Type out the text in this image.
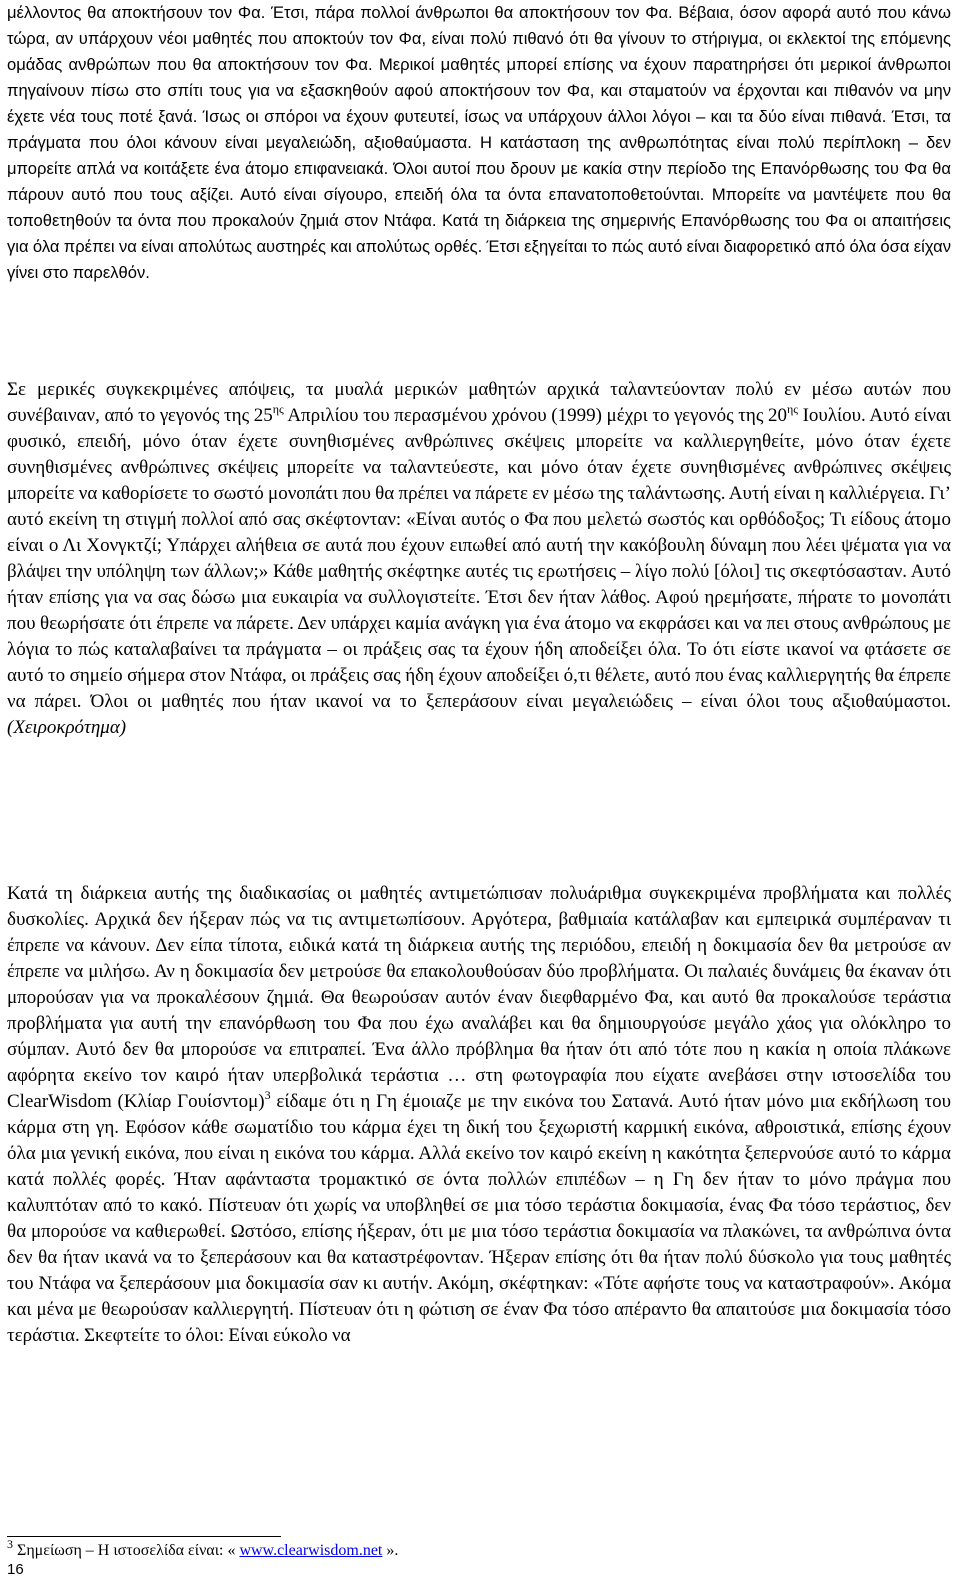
μέλλοντος θα αποκτήσουν τον Φα. Έτσι, πάρα πολλοί άνθρωποι θα αποκτήσουν τον Φα. Βέβαια, όσον αφορά αυτό που κάνω τώρα, αν υπάρχουν νέοι μαθητές που αποκτούν τον Φα, είναι πολύ πιθανό ότι θα γίνουν το στήριγμα, οι εκλεκτοί της επόμενης ομάδας ανθρώπων που θα αποκτήσουν τον Φα. Μερικοί μαθητές μπορεί επίσης να έχουν παρατηρήσει ότι μερικοί άνθρωποι πηγαίνουν πίσω στο σπίτι τους για να εξασκηθούν αφού αποκτήσουν τον Φα, και σταματούν να έρχονται και πιθανόν να μην έχετε νέα τους ποτέ ξανά. Ίσως οι σπόροι να έχουν φυτευτεί, ίσως να υπάρχουν άλλοι λόγοι – και τα δύο είναι πιθανά. Έτσι, τα πράγματα που όλοι κάνουν είναι μεγαλειώδη, αξιοθαύμαστα. Η κατάσταση της ανθρωπότητας είναι πολύ περίπλοκη – δεν μπορείτε απλά να κοιτάξετε ένα άτομο επιφανειακά. Όλοι αυτοί που δρουν με κακία στην περίοδο της Επανόρθωσης του Φα θα πάρουν αυτό που τους αξίζει. Αυτό είναι σίγουρο, επειδή όλα τα όντα επανατοποθετούνται. Μπορείτε να μαντέψετε που θα τοποθετηθούν τα όντα που προκαλούν ζημιά στον Ντάφα. Κατά τη διάρκεια της σημερινής Επανόρθωσης του Φα οι απαιτήσεις για όλα πρέπει να είναι απολύτως αυστηρές και απολύτως ορθές. Έτσι εξηγείται το πώς αυτό είναι διαφορετικό από όλα όσα είχαν γίνει στο παρελθόν.

Σε μερικές συγκεκριμένες απόψεις, τα μυαλά μερικών μαθητών αρχικά ταλαντεύονταν πολύ εν μέσω αυτών που συνέβαιναν, από το γεγονός της $25^{\eta\varsigma}$ Απριλίου του περασμένου χρόνου (1999) μέχρι το γεγονός της $20^{\eta\varsigma}$ Ιουλίου. Αυτό είναι φυσικό, επειδή, μόνο όταν έχετε συνηθισμένες ανθρώπινες σκέψεις μπορείτε να καλλιεργηθείτε, μόνο όταν έχετε συνηθισμένες ανθρώπινες σκέψεις μπορείτε να ταλαντεύεστε, και μόνο όταν έχετε συνηθισμένες ανθρώπινες σκέψεις μπορείτε να καθορίσετε το σωστό μονοπάτι που θα πρέπει να πάρετε εν μέσω της ταλάντωσης. Αυτή είναι η καλλιέργεια. Γι’ αυτό εκείνη τη στιγμή πολλοί από σας σκέφτονταν: «Είναι αυτός ο Φα που μελετώ σωστός και ορθόδοξος; Τι είδους άτομο είναι ο Λι Χονγκτζί; Υπάρχει αλήθεια σε αυτά που έχουν ειπωθεί από αυτή την κακόβουλη δύναμη που λέει ψέματα για να βλάψει την υπόληψη των άλλων;» Κάθε μαθητής σκέφτηκε αυτές τις ερωτήσεις – λίγο πολύ [όλοι] τις σκεφτόσασταν. Αυτό ήταν επίσης για να σας δώσω μια ευκαιρία να συλλογιστείτε. Έτσι δεν ήταν λάθος. Αφού ηρεμήσατε, πήρατε το μονοπάτι που θεωρήσατε ότι έπρεπε να πάρετε. Δεν υπάρχει καμία ανάγκη για ένα άτομο να εκφράσει και να πει στους ανθρώπους με λόγια το πώς καταλαβαίνει τα πράγματα – οι πράξεις σας τα έχουν ήδη αποδείξει όλα. Το ότι είστε ικανοί να φτάσετε σε αυτό το σημείο σήμερα στον Ντάφα, οι πράξεις σας ήδη έχουν αποδείξει ό,τι θέλετε, αυτό που ένας καλλιεργητής θα έπρεπε να πάρει. Όλοι οι μαθητές που ήταν ικανοί να το ξεπεράσουν είναι μεγαλειώδεις – είναι όλοι τους αξιοθαύμαστοι. (Χειροκρότημα)

Κατά τη διάρκεια αυτής της διαδικασίας οι μαθητές αντιμετώπισαν πολυάριθμα συγκεκριμένα προβλήματα και πολλές δυσκολίες. Αρχικά δεν ήξεραν πώς να τις αντιμετωπίσουν. Αργότερα, βαθμιαία κατάλαβαν και εμπειρικά συμπέραναν τι έπρεπε να κάνουν. Δεν είπα τίποτα, ειδικά κατά τη διάρκεια αυτής της περιόδου, επειδή η δοκιμασία δεν θα μετρούσε αν έπρεπε να μιλήσω. Αν η δοκιμασία δεν μετρούσε θα επακολουθούσαν δύο προβλήματα. Οι παλαιές δυνάμεις θα έκαναν ότι μπορούσαν για να προκαλέσουν ζημιά. Θα θεωρούσαν αυτόν έναν διεφθαρμένο Φα, και αυτό θα προκαλούσε τεράστια προβλήματα για αυτή την επανόρθωση του Φα που έχω αναλάβει και θα δημιουργούσε μεγάλο χάος για ολόκληρο το σύμπαν. Αυτό δεν θα μπορούσε να επιτραπεί. Ένα άλλο πρόβλημα θα ήταν ότι από τότε που η κακία η οποία πλάκωνε αφόρητα εκείνο τον καιρό ήταν υπερβολικά τεράστια … στη φωτογραφία που είχατε ανεβάσει στην ιστοσελίδα του ClearWisdom (Κλίαρ Γουίσντομ)$^3$ είδαμε ότι η Γη έμοιαζε με την εικόνα του Σατανά. Αυτό ήταν μόνο μια εκδήλωση του κάρμα στη γη. Εφόσον κάθε σωματίδιο του κάρμα έχει τη δική του ξεχωριστή καρμική εικόνα, αθροιστικά, επίσης έχουν όλα μια γενική εικόνα, που είναι η εικόνα του κάρμα. Αλλά εκείνο τον καιρό εκείνη η κακότητα ξεπερνούσε αυτό το κάρμα κατά πολλές φορές. Ήταν αφάνταστα τρομακτικό σε όντα πολλών επιπέδων – η Γη δεν ήταν το μόνο πράγμα που καλυπτόταν από το κακό. Πίστευαν ότι χωρίς να υποβληθεί σε μια τόσο τεράστια δοκιμασία, ένας Φα τόσο τεράστιος, δεν θα μπορούσε να καθιερωθεί. Ωστόσο, επίσης ήξεραν, ότι με μια τόσο τεράστια δοκιμασία να πλακώνει, τα ανθρώπινα όντα δεν θα ήταν ικανά να το ξεπεράσουν και θα καταστρέφονταν. Ήξεραν επίσης ότι θα ήταν πολύ δύσκολο για τους μαθητές του Ντάφα να ξεπεράσουν μια δοκιμασία σαν κι αυτήν. Ακόμη, σκέφτηκαν: «Τότε αφήστε τους να καταστραφούν». Ακόμα και μένα με θεωρούσαν καλλιεργητή. Πίστευαν ότι η φώτιση σε έναν Φα τόσο απέραντο θα απαιτούσε μια δοκιμασία τόσο τεράστια. Σκεφτείτε το όλοι: Είναι εύκολο να

$^3$ Σημείωση – Η ιστοσελίδα είναι: « www.clearwisdom.net ».
16
